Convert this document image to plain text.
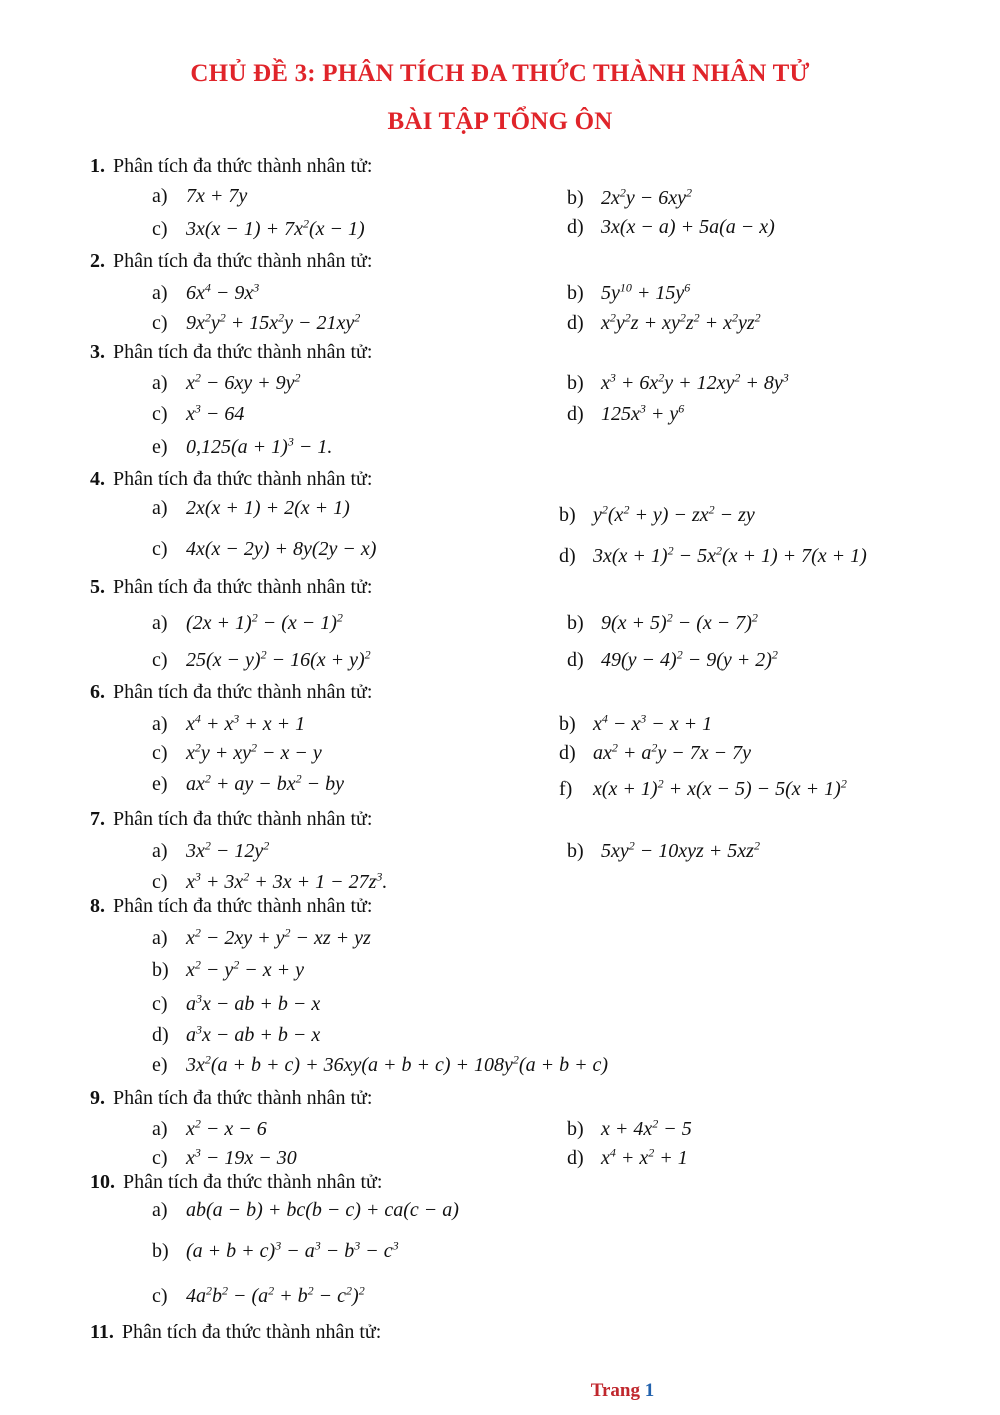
CHỦ ĐỀ 3: PHÂN TÍCH ĐA THỨC THÀNH NHÂN TỬ
BÀI TẬP TỔNG ÔN
1. Phân tích đa thức thành nhân tử:
a) 7x + 7y	b) $2x^2y - 6xy^2$
c) $3x(x - 1) + 7x^2(x - 1)$	d) 3x(x − a) + 5a(a − x)
2. Phân tích đa thức thành nhân tử:
a) $6x^4 - 9x^3$	b) $5y^{10} + 15y^6$
c) $9x^2y^2 + 15x^2y - 21xy^2$	d) $x^2y^2z + xy^2z^2 + x^2yz^2$
3. Phân tích đa thức thành nhân tử:
a) $x^2 - 6xy + 9y^2$	b) $x^3 + 6x^2y + 12xy^2 + 8y^3$
c) $x^3 - 64$	d) $125x^3 + y^6$
e) $0,125(a + 1)^3 - 1$.
4. Phân tích đa thức thành nhân tử:
a) 2x(x + 1) + 2(x + 1)	b) $y^2(x^2 + y) - zx^2$ − zy
c) 4x(x − 2y) + 8y(2y − x)	d) $3x(x + 1)^2 - 5x^2(x + 1) + 7(x + 1)$
5. Phân tích đa thức thành nhân tử:
a) $(2x + 1)^2 - (x - 1)^2$	b) $9(x + 5)^2 - (x - 7)^2$
c) $25(x - y)^2 - 16(x + y)^2$	d) $49(y - 4)^2 - 9(y + 2)^2$
6. Phân tích đa thức thành nhân tử:
a) $x^4 + x^3 + x + 1$	b) $x^4 - x^3 - x + 1$
c) $x^2y + xy^2 - x - y$	d) $ax^2 + a^2y - 7x - 7y$
e) $ax^2$ + ay − $bx^2$ − by	f) $x(x + 1)^2 + x(x - 5) - 5(x + 1)^2$
7. Phân tích đa thức thành nhân tử:
a) $3x^2 - 12y^2$	b) $5xy^2 - 10xyz + 5xz^2$
c) $x^3 + 3x^2 + 3x + 1 - 27z^3$.
8. Phân tích đa thức thành nhân tử:
a) $x^2 - 2xy + y^2$ − xz + yz
b) $x^2 - y^2 - x + y$
c) $a^3x$ − ab + b − x
d) $a^3x$ − ab + b − x
e) $3x^2(a + b + c) + 36xy(a + b + c) + 108y^2(a + b + c)$
9. Phân tích đa thức thành nhân tử:
a) $x^2 - x - 6$	b) $x + 4x^2 - 5$
c) $x^3 - 19x - 30$	d) $x^4 + x^2 + 1$
10. Phân tích đa thức thành nhân tử:
a) ab(a − b) + bc(b − c) + ca(c − a)
b) $(a + b + c)^3 - a^3 - b^3 - c^3$
c) $4a^2b^2 - (a^2 + b^2 - c^2)^2$
11. Phân tích đa thức thành nhân tử:
Trang 1
